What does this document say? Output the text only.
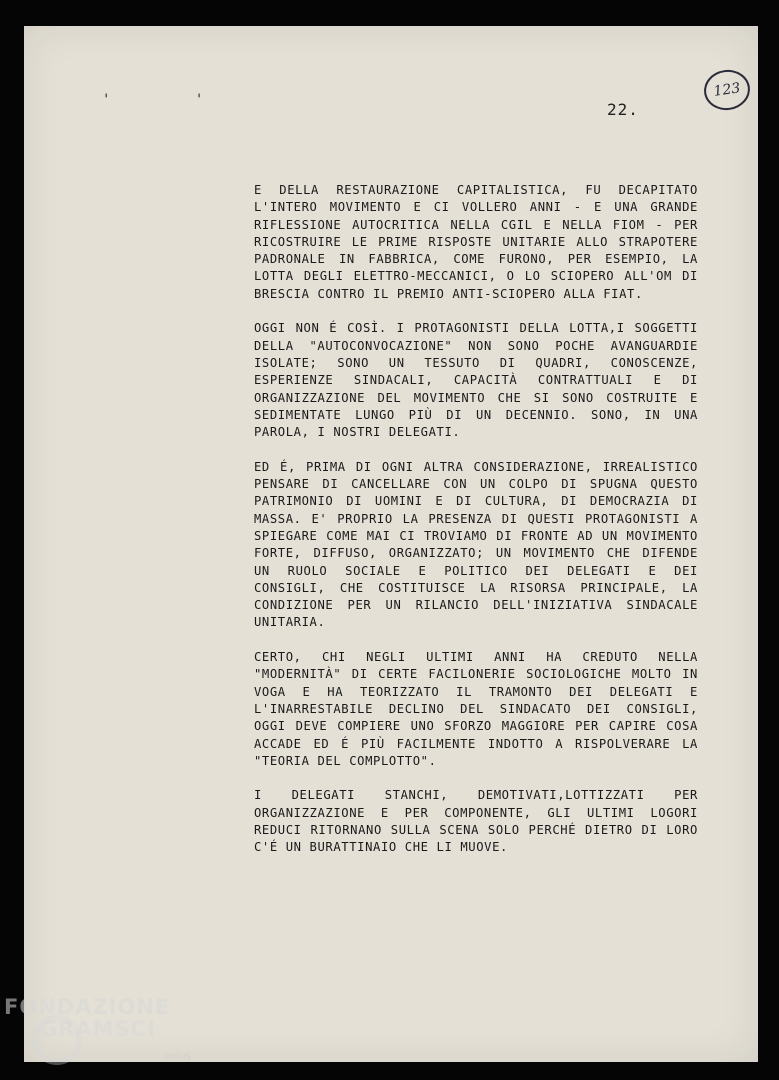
' '	22.
123

E DELLA RESTAURAZIONE CAPITALISTICA, FU DECAPITATO L'INTERO MOVIMENTO E CI VOLLERO ANNI - E UNA GRANDE RIFLESSIONE AUTOCRITICA NELLA CGIL E NELLA FIOM - PER RICOSTRUIRE LE PRIME RISPOSTE UNITARIE ALLO STRAPOTERE PADRONALE IN FABBRICA, COME FURONO, PER ESEMPIO, LA LOTTA DEGLI ELETTRO-MECCANICI, O LO SCIOPERO ALL'OM DI BRESCIA CONTRO IL PREMIO ANTI-SCIOPERO ALLA FIAT.

OGGI NON É COSÌ. I PROTAGONISTI DELLA LOTTA,I SOGGETTI DELLA "AUTOCONVOCAZIONE" NON SONO POCHE AVANGUARDIE ISOLATE; SONO UN TESSUTO DI QUADRI, CONOSCENZE, ESPERIENZE SINDACALI, CAPACITÀ CONTRATTUALI E DI ORGANIZZAZIONE DEL MOVIMENTO CHE SI SONO COSTRUITE E SEDIMENTATE LUNGO PIÙ DI UN DECENNIO. SONO, IN UNA PAROLA, I NOSTRI DELEGATI.

ED É, PRIMA DI OGNI ALTRA CONSIDERAZIONE, IRREALISTICO PENSARE DI CANCELLARE CON UN COLPO DI SPUGNA QUESTO PATRIMONIO DI UOMINI E DI CULTURA, DI DEMOCRAZIA DI MASSA. E' PROPRIO LA PRESENZA DI QUESTI PROTAGONISTI A SPIEGARE COME MAI CI TROVIAMO DI FRONTE AD UN MOVIMENTO FORTE, DIFFUSO, ORGANIZZATO; UN MOVIMENTO CHE DIFENDE UN RUOLO SOCIALE E POLITICO DEI DELEGATI E DEI CONSIGLI, CHE COSTITUISCE LA RISORSA PRINCIPALE, LA CONDIZIONE PER UN RILANCIO DELL'INIZIATIVA SINDACALE UNITARIA.

CERTO, CHI NEGLI ULTIMI ANNI HA CREDUTO NELLA "MODERNITÀ" DI CERTE FACILONERIE SOCIOLOGICHE MOLTO IN VOGA E HA TEORIZZATO IL TRAMONTO DEI DELEGATI E L'INARRESTABILE DECLINO DEL SINDACATO DEI CONSIGLI, OGGI DEVE COMPIERE UNO SFORZO MAGGIORE PER CAPIRE COSA ACCADE ED É PIÙ FACILMENTE INDOTTO A RISPOLVERARE LA "TEORIA DEL COMPLOTTO".

I DELEGATI STANCHI, DEMOTIVATI,LOTTIZZATI PER ORGANIZZAZIONE E PER COMPONENTE, GLI ULTIMI LOGORI REDUCI RITORNANO SULLA SCENA SOLO PERCHÉ DIETRO DI LORO C'É UN BURATTINAIO CHE LI MUOVE.

FONDAZIONE
GRAMSCI
onlus
